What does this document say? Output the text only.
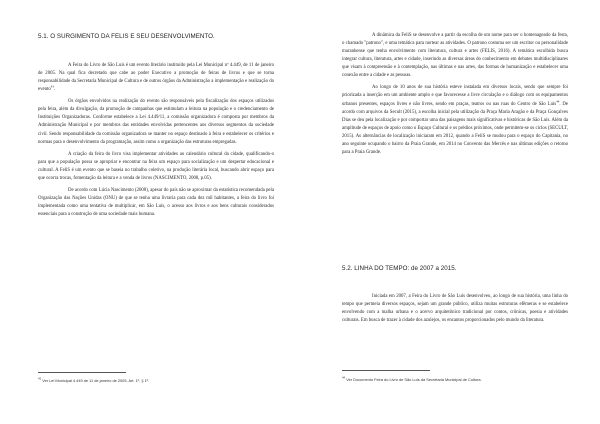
5.1. O SURGIMENTO DA FELIS E SEU DESENVOLVIMENTO.

A Feira do Livro de São Luís é um evento literário instituído pela Lei Municipal nº 4.449, de 11 de janeiro de 2005. Na qual fica decretado que cabe ao poder Executivo a promoção de feiras de livros e que se torna responsabilidade da Secretaria Municipal de Cultura e de outros órgãos da Administração a implementação e realização do evento$^{43}$.

Os órgãos envolvidos na realização do evento são responsáveis pela fiscalização dos espaços utilizados pela feira, além da divulgação, da promoção de campanhas que estimulam a leitura na população e o credenciamento de Instituições Organizadoras. Conforme estabelece a Lei 4.449/11, a comissão organizadora é composta por membros da Administração Municipal e por membros das entidades envolvidas pertencentes aos diversos segmentos da sociedade civil. Sendo responsabilidade da comissão organizadora se manter no espaço destinado à feira e estabelecer os critérios e normas para o desenvolvimento da programação, assim como a organização das estruturas empregadas.

A criação da feira do livro visa implementar atividades ao calendário cultural da cidade, qualificando-o para que a população possa se apropriar e encontrar na feira um espaço para socialização e um despertar educacional e cultural. A FeliS é um evento que se baseia no trabalho coletivo, na produção literária local, buscando abrir espaço para que ocorra trocas, fomentação da leitura e a venda de livros (NASCIMENTO, 2008, p.05).

De acordo com Lúcia Nascimento (2008), apesar do país não se aproximar da estatística recomendada pela Organização das Nações Unidas (ONU) de que se tenha uma livraria para cada dez mil habitantes, a feira do livro foi implementada como uma tentativa de multiplicar, em São Luís, o acesso aos livros e aos bens culturais considerados essenciais para a construção de uma sociedade mais humana.

$^{43}$ Ver Lei Municipal 4.449 de 11 de janeiro de 2005, Art. 1º, § 1º.

A dinâmica da FeliS se desenvolve a partir da escolha de um nome para ser o homenageado da festa, o chamado "patrono", e uma temática para nortear as atividades. O patrono costuma ser um escritor ou personalidade maranhense que tenha envolvimento com literatura, cultura e artes (FELIS, 2016). A temática escolhida busca integrar cultura, literatura, artes e cidade, inserindo as diversas áreas do conhecimento em debates multidisciplinares que visam à compreensão e à contemplação, nas últimas e nas artes, das formas de humanização e estabelecer uma conexão entre a cidade e as pessoas.

Ao longo de 10 anos de sua história esteve instalada em diversos locais, sendo que sempre foi priorizada a inserção em um ambiente amplo e que favorecesse a livre circulação e o diálogo com os equipamentos urbanos presentes, espaços livres e não livres, sendo em praças, teatros ou nas ruas do Centro de São Luís$^{44}$. De acordo com arquivos da Secult (2015), a escolha inicial pela utilização da Praça Maria Aragão e da Praça Gonçalves Dias se deu pela localização e por comportar uma das paisagens mais significativas e históricas de São Luís. Além da amplitude de espaços de apoio como o Espaço Cultural e os prédios próximos, onde permitem-se os ciclos (SECULT, 2015). As alternâncias de localização iniciaram em 2012, quando a FeliS se mudou para o espaço do Capitania, no ano seguinte ocupando o bairro da Praia Grande, em 2014 no Convento das Mercês e nas últimas edições o retorno para a Praia Grande.

5.2. LINHA DO TEMPO: de 2007 a 2015.

Iniciada em 2007, a Feira do Livro de São Luís desenvolveu, ao longo de sua história, uma linha do tempo que permeia diversos espaços, sejam um grande público, utiliza muitas estruturas efêmeras e se estabelece envolvendo com a malha urbana e o acervo arquitetônico tradicional por contos, crônicas, poesia e atividades culturais. Em busca de trazer à cidade dos azulejos, os encantos proporcionados pelo mundo da literatura.

$^{44}$ Ver Documento Feira do Livro de São Luís da Secretaria Municipal de Cultura.
